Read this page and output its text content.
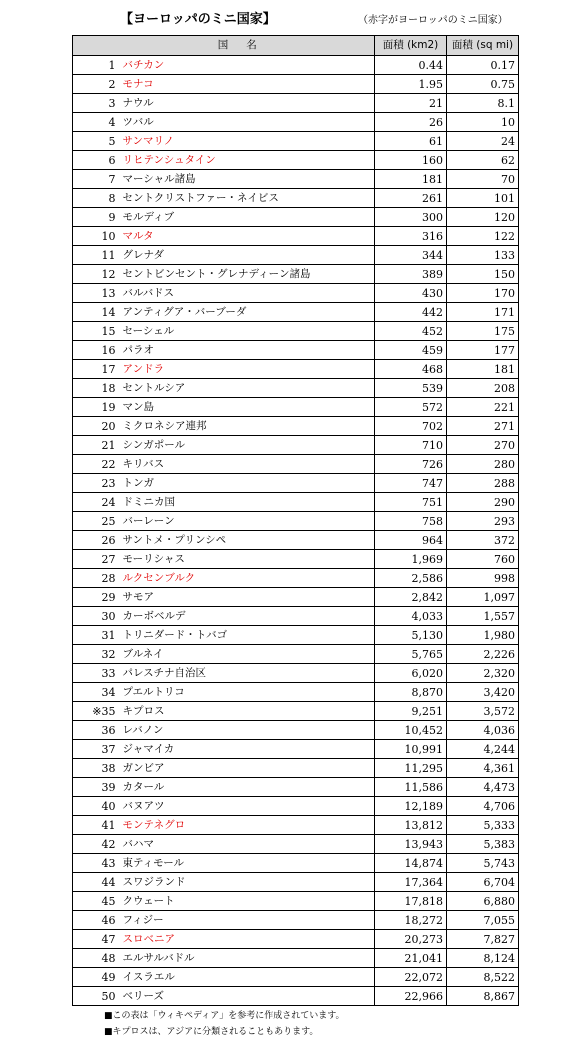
【ヨーロッパのミニ国家】	（赤字がヨーロッパのミニ国家）
	国名	面積 (km2)	面積 (sq mi)
1	バチカン	0.44	0.17
2	モナコ	1.95	0.75
3	ナウル	21	8.1
4	ツバル	26	10
5	サンマリノ	61	24
6	リヒテンシュタイン	160	62
7	マーシャル諸島	181	70
8	セントクリストファー・ネイビス	261	101
9	モルディブ	300	120
10	マルタ	316	122
11	グレナダ	344	133
12	セントビンセント・グレナディーン諸島	389	150
13	バルバドス	430	170
14	アンティグア・バーブーダ	442	171
15	セーシェル	452	175
16	パラオ	459	177
17	アンドラ	468	181
18	セントルシア	539	208
19	マン島	572	221
20	ミクロネシア連邦	702	271
21	シンガポール	710	270
22	キリバス	726	280
23	トンガ	747	288
24	ドミニカ国	751	290
25	バーレーン	758	293
26	サントメ・プリンシペ	964	372
27	モーリシャス	1,969	760
28	ルクセンブルク	2,586	998
29	サモア	2,842	1,097
30	カーボベルデ	4,033	1,557
31	トリニダード・トバゴ	5,130	1,980
32	ブルネイ	5,765	2,226
33	パレスチナ自治区	6,020	2,320
34	プエルトリコ	8,870	3,420
※35	キプロス	9,251	3,572
36	レバノン	10,452	4,036
37	ジャマイカ	10,991	4,244
38	ガンビア	11,295	4,361
39	カタール	11,586	4,473
40	バヌアツ	12,189	4,706
41	モンテネグロ	13,812	5,333
42	バハマ	13,943	5,383
43	東ティモール	14,874	5,743
44	スワジランド	17,364	6,704
45	クウェート	17,818	6,880
46	フィジー	18,272	7,055
47	スロベニア	20,273	7,827
48	エルサルバドル	21,041	8,124
49	イスラエル	22,072	8,522
50	ベリーズ	22,966	8,867
■この表は「ウィキペディア」を参考に作成されています。
■キプロスは、アジアに分類されることもあります。
